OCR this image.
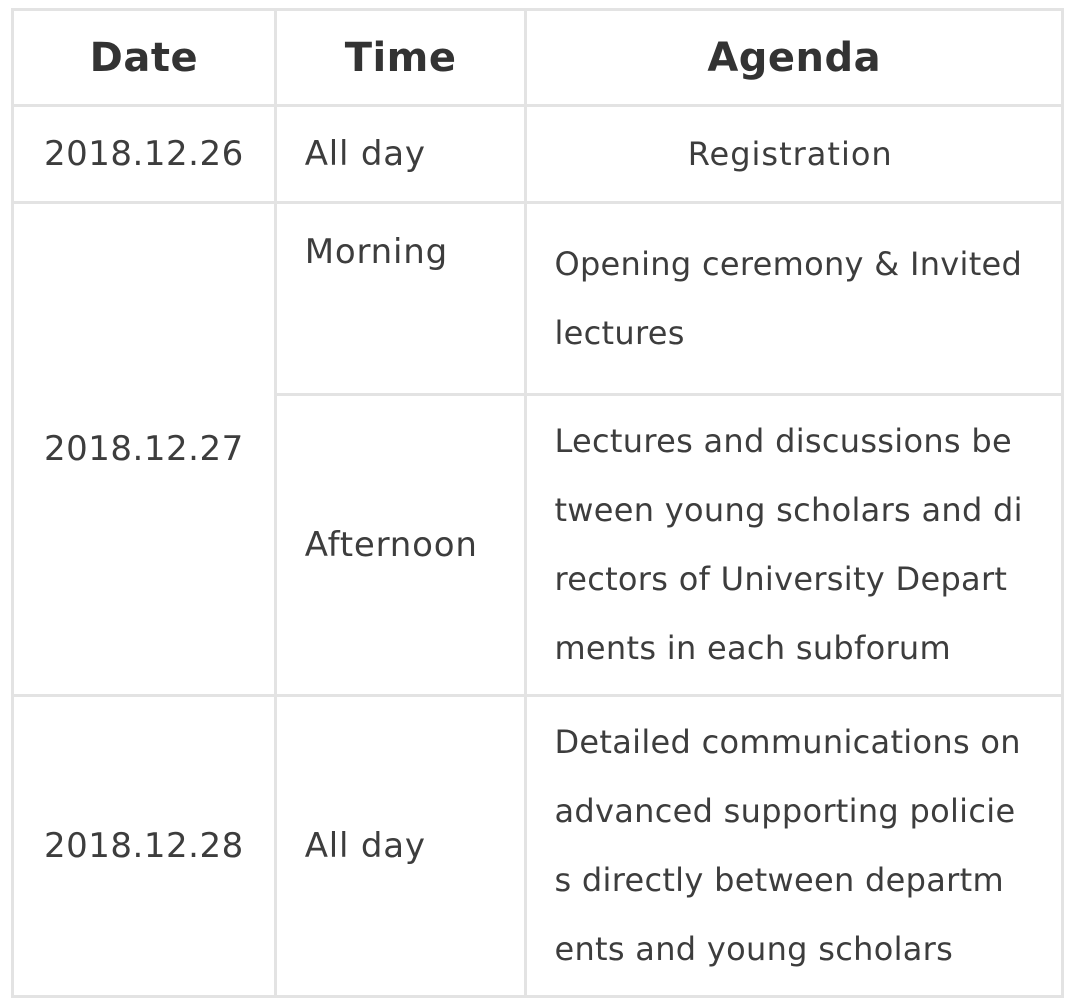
Date	Time	Agenda
2018.12.26	All day	Registration

2018.12.27	Morning	Opening ceremony & Invited
lectures

	Afternoon	Lectures and discussions be
tween young scholars and di
rectors of University Depart
ments in each subforum

2018.12.28	All day	Detailed communications on
advanced supporting policie
s directly between departm
ents and young scholars
